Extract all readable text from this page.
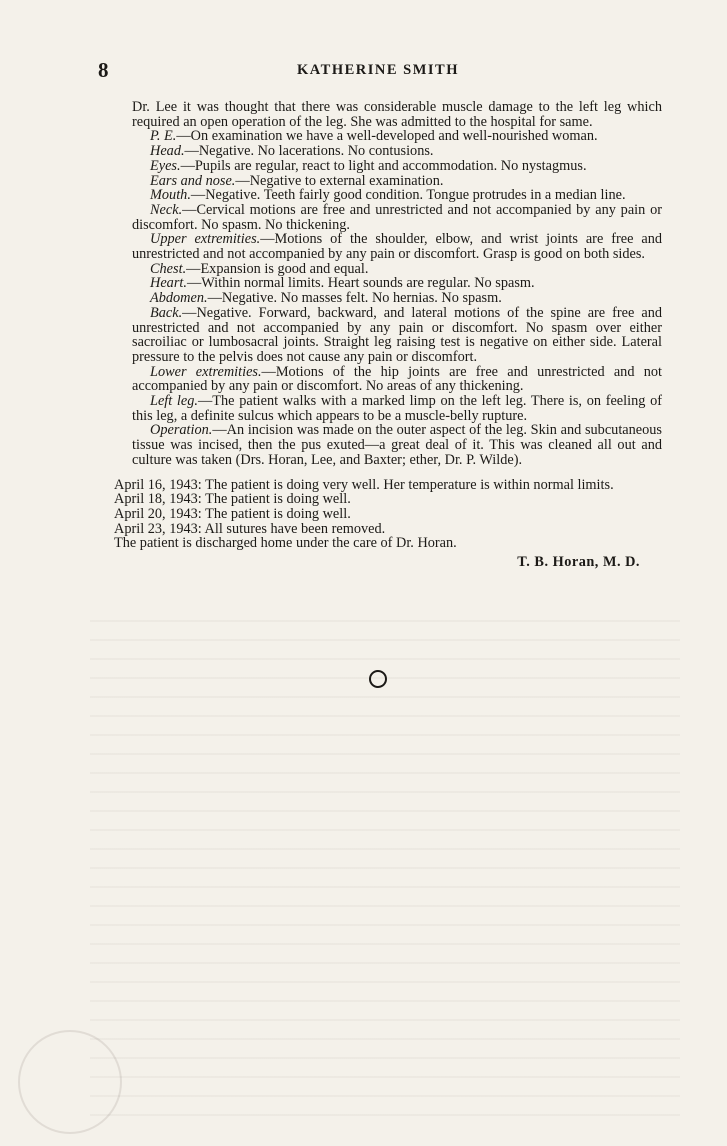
8	KATHERINE SMITH

Dr. Lee it was thought that there was considerable muscle damage to the left leg which required an open operation of the leg. She was admitted to the hospital for same.

P. E.—On examination we have a well-developed and well-nourished woman.

Head.—Negative. No lacerations. No contusions.

Eyes.—Pupils are regular, react to light and accommodation. No nystagmus.

Ears and nose.—Negative to external examination.

Mouth.—Negative. Teeth fairly good condition. Tongue protrudes in a median line.

Neck.—Cervical motions are free and unrestricted and not accompanied by any pain or discomfort. No spasm. No thickening.

Upper extremities.—Motions of the shoulder, elbow, and wrist joints are free and unrestricted and not accompanied by any pain or discomfort. Grasp is good on both sides.

Chest.—Expansion is good and equal.

Heart.—Within normal limits. Heart sounds are regular. No spasm.

Abdomen.—Negative. No masses felt. No hernias. No spasm.

Back.—Negative. Forward, backward, and lateral motions of the spine are free and unrestricted and not accompanied by any pain or discomfort. No spasm over either sacroiliac or lumbosacral joints. Straight leg raising test is negative on either side. Lateral pressure to the pelvis does not cause any pain or discomfort.

Lower extremities.—Motions of the hip joints are free and unrestricted and not accompanied by any pain or discomfort. No areas of any thickening.

Left leg.—The patient walks with a marked limp on the left leg. There is, on feeling of this leg, a definite sulcus which appears to be a muscle-belly rupture.

Operation.—An incision was made on the outer aspect of the leg. Skin and subcutaneous tissue was incised, then the pus exuted—a great deal of it. This was cleaned all out and culture was taken (Drs. Horan, Lee, and Baxter; ether, Dr. P. Wilde).

April 16, 1943: The patient is doing very well. Her temperature is within normal limits.

April 18, 1943: The patient is doing well.

April 20, 1943: The patient is doing well.

April 23, 1943: All sutures have been removed.

The patient is discharged home under the care of Dr. Horan.

T. B. Horan, M. D.
